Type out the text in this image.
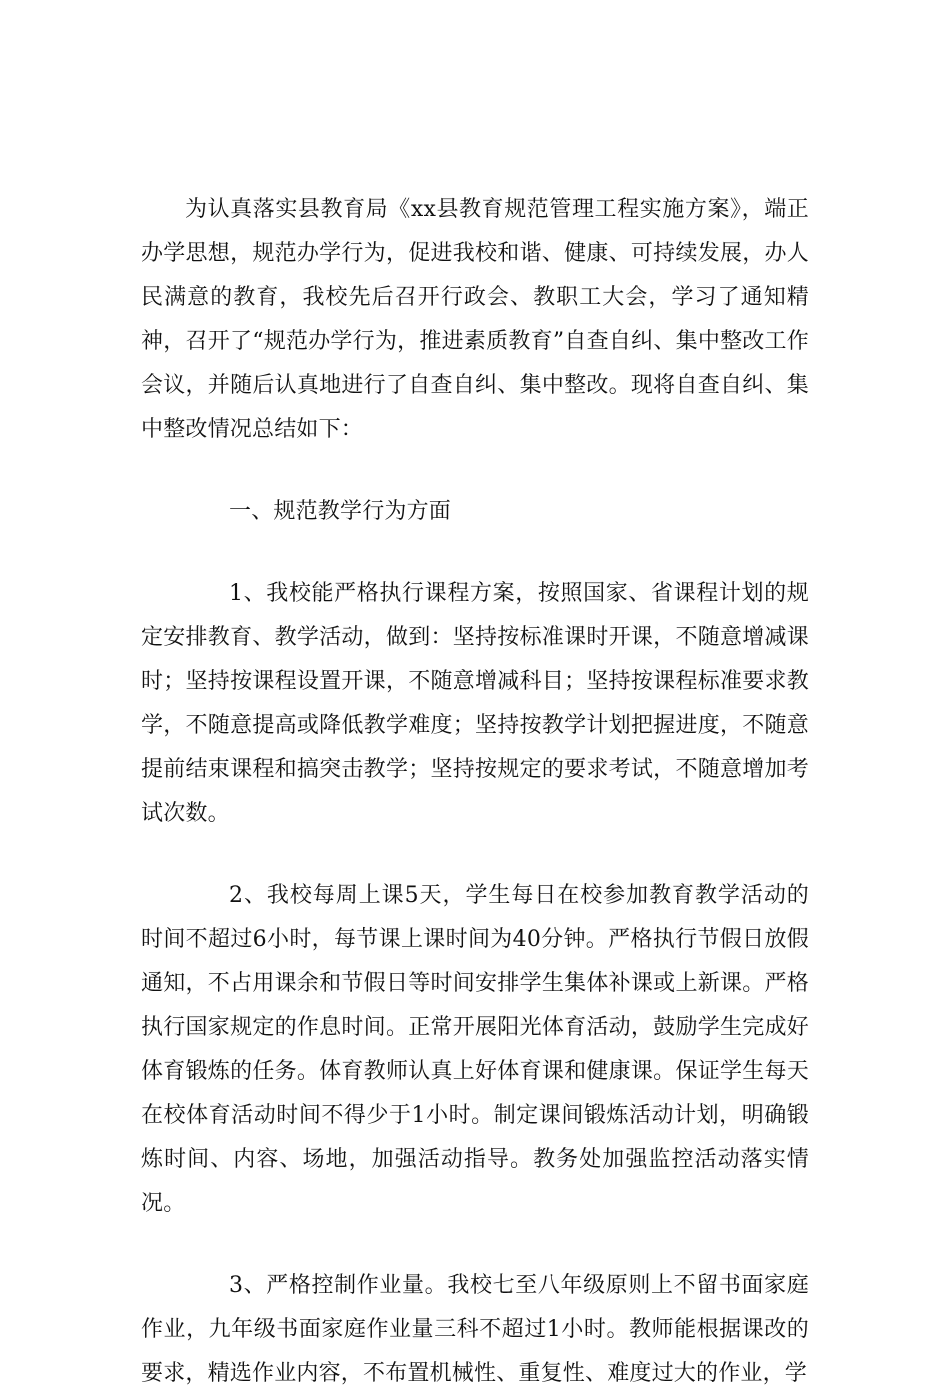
为认真落实县教育局《xx县教育规范管理工程实施方案》，端正办学思想，规范办学行为，促进我校和谐、健康、可持续发展，办人民满意的教育，我校先后召开行政会、教职工大会，学习了通知精神，召开了“规范办学行为，推进素质教育”自查自纠、集中整改工作会议，并随后认真地进行了自查自纠、集中整改。现将自查自纠、集中整改情况总结如下：

一、规范教学行为方面

1、我校能严格执行课程方案，按照国家、省课程计划的规定安排教育、教学活动，做到：坚持按标准课时开课，不随意增减课时；坚持按课程设置开课，不随意增减科目；坚持按课程标准要求教学，不随意提高或降低教学难度；坚持按教学计划把握进度，不随意提前结束课程和搞突击教学；坚持按规定的要求考试，不随意增加考试次数。

2、我校每周上课5天，学生每日在校参加教育教学活动的时间不超过6小时，每节课上课时间为40分钟。严格执行节假日放假通知，不占用课余和节假日等时间安排学生集体补课或上新课。严格执行国家规定的作息时间。正常开展阳光体育活动，鼓励学生完成好体育锻炼的任务。体育教师认真上好体育课和健康课。保证学生每天在校体育活动时间不得少于1小时。制定课间锻炼活动计划，明确锻炼时间、内容、场地，加强活动指导。教务处加强监控活动落实情况。

3、严格控制作业量。我校七至八年级原则上不留书面家庭作业，九年级书面家庭作业量三科不超过1小时。教师能根据课改的要求，精选作业内容，不布置机械性、重复性、难度过大的作业，学
